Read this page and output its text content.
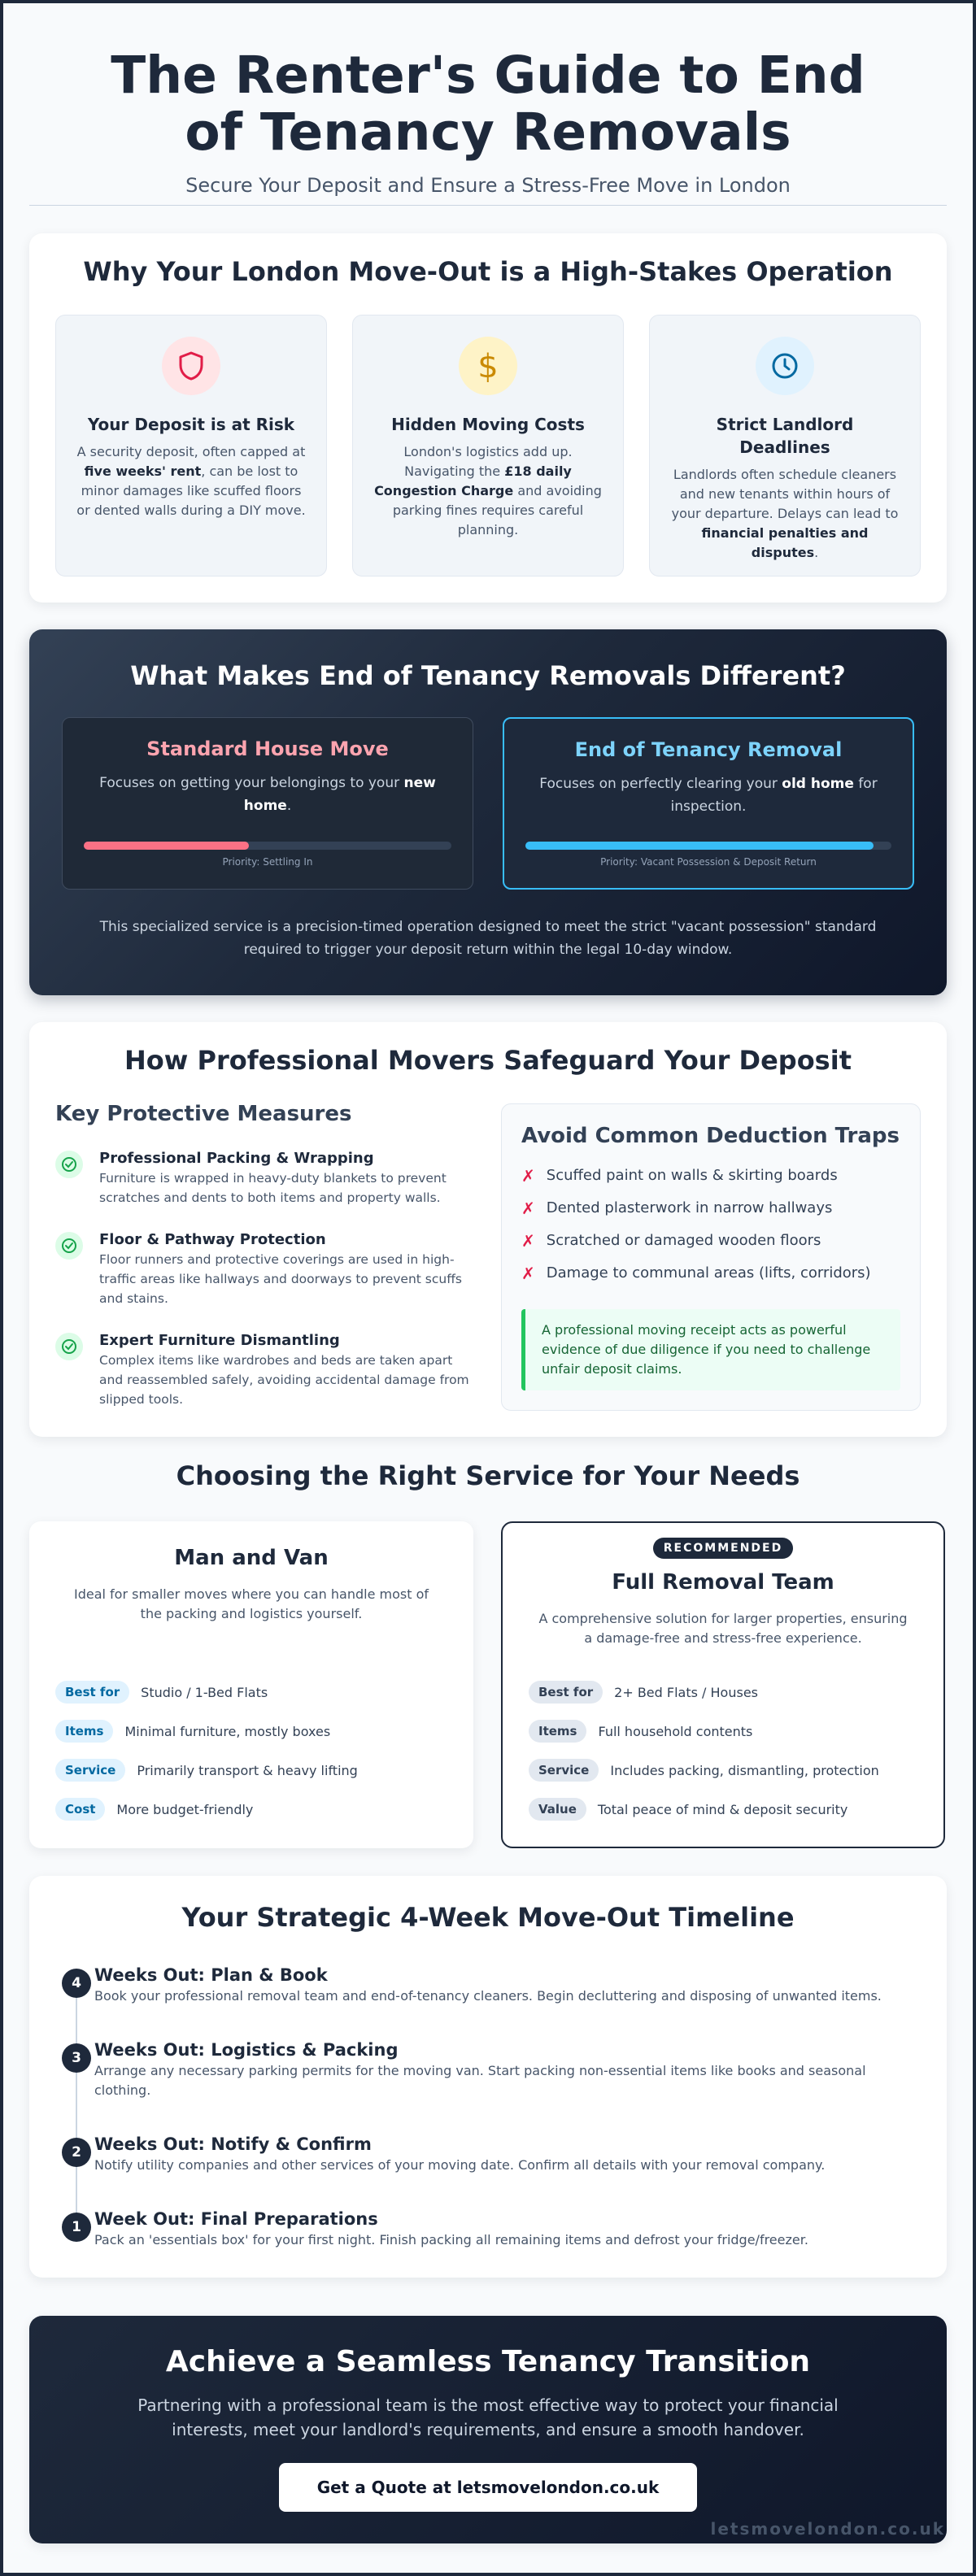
The Renter's Guide to End of Tenancy Removals
Secure Your Deposit and Ensure a Stress-Free Move in London
Why Your London Move-Out is a High-Stakes Operation
Your Deposit is at Risk
A security deposit, often capped at five weeks' rent, can be lost to minor damages like scuffed floors or dented walls during a DIY move.
$
Hidden Moving Costs
London's logistics add up. Navigating the £18 daily Congestion Charge and avoiding parking fines requires careful planning.
Strict Landlord Deadlines
Landlords often schedule cleaners and new tenants within hours of your departure. Delays can lead to financial penalties and disputes.
What Makes End of Tenancy Removals Different?
Standard House Move
Focuses on getting your belongings to your new home.
Priority: Settling In
End of Tenancy Removal
Focuses on perfectly clearing your old home for inspection.
Priority: Vacant Possession & Deposit Return
This specialized service is a precision-timed operation designed to meet the strict "vacant possession" standard required to trigger your deposit return within the legal 10-day window.
How Professional Movers Safeguard Your Deposit
Key Protective Measures
Professional Packing & Wrapping
Furniture is wrapped in heavy-duty blankets to prevent scratches and dents to both items and property walls.
Floor & Pathway Protection
Floor runners and protective coverings are used in high-traffic areas like hallways and doorways to prevent scuffs and stains.
Expert Furniture Dismantling
Complex items like wardrobes and beds are taken apart and reassembled safely, avoiding accidental damage from slipped tools.
Avoid Common Deduction Traps
✗ Scuffed paint on walls & skirting boards
✗ Dented plasterwork in narrow hallways
✗ Scratched or damaged wooden floors
✗ Damage to communal areas (lifts, corridors)
A professional moving receipt acts as powerful evidence of due diligence if you need to challenge unfair deposit claims.
Choosing the Right Service for Your Needs
Man and Van
Ideal for smaller moves where you can handle most of the packing and logistics yourself.
Best for	Studio / 1-Bed Flats
Items	Minimal furniture, mostly boxes
Service	Primarily transport & heavy lifting
Cost	More budget-friendly
RECOMMENDED
Full Removal Team
A comprehensive solution for larger properties, ensuring a damage-free and stress-free experience.
Best for	2+ Bed Flats / Houses
Items	Full household contents
Service	Includes packing, dismantling, protection
Value	Total peace of mind & deposit security
Your Strategic 4-Week Move-Out Timeline
4 Weeks Out: Plan & Book
Book your professional removal team and end-of-tenancy cleaners. Begin decluttering and disposing of unwanted items.
3 Weeks Out: Logistics & Packing
Arrange any necessary parking permits for the moving van. Start packing non-essential items like books and seasonal clothing.
2 Weeks Out: Notify & Confirm
Notify utility companies and other services of your moving date. Confirm all details with your removal company.
1 Week Out: Final Preparations
Pack an 'essentials box' for your first night. Finish packing all remaining items and defrost your fridge/freezer.
Achieve a Seamless Tenancy Transition

Partnering with a professional team is the most effective way to protect your financial interests, meet your landlord's requirements, and ensure a smooth handover.

Get a Quote at letsmovelondon.co.uk
letsmovelondon.co.uk
